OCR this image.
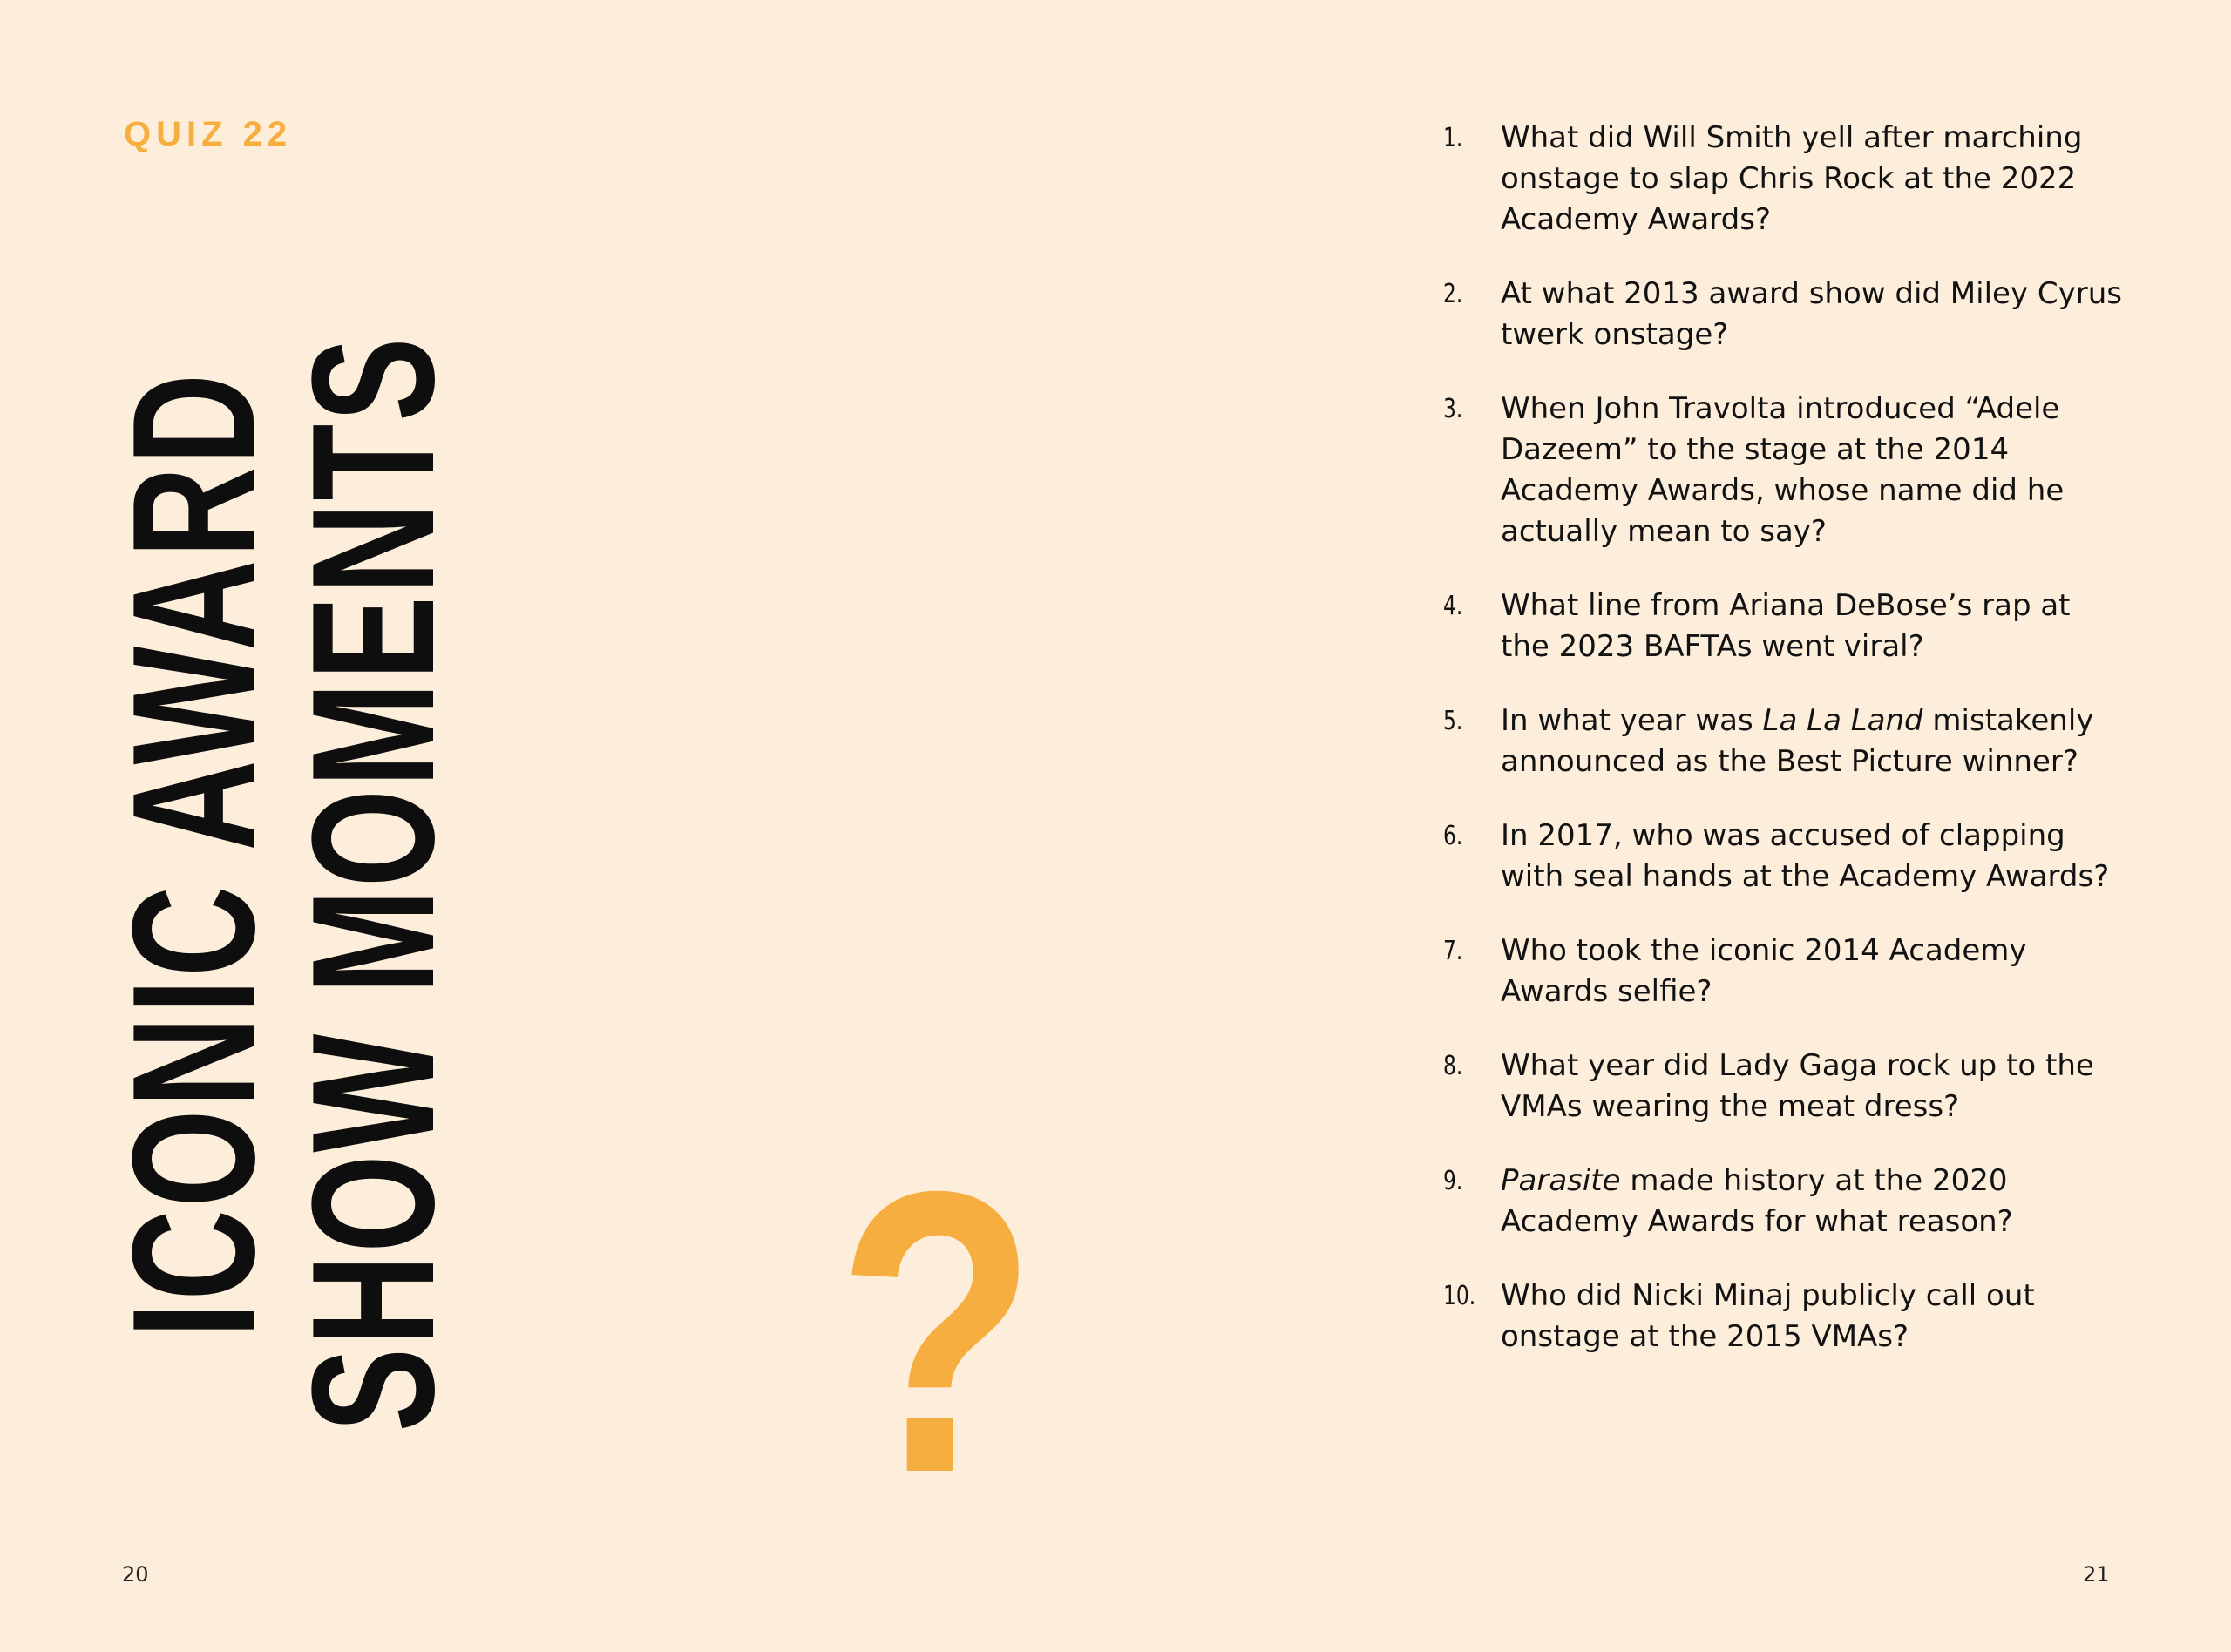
QUIZ 22
ICONIC AWARD
SHOW MOMENTS ?
20
1.	What did Will Smith yell after marching onstage to slap Chris Rock at the 2022 Academy Awards?
2.	At what 2013 award show did Miley Cyrus twerk onstage?
3.	When John Travolta introduced “Adele Dazeem” to the stage at the 2014 Academy Awards, whose name did he actually mean to say?
4.	What line from Ariana DeBose’s rap at the 2023 BAFTAs went viral?
5.	In what year was La La Land mistakenly announced as the Best Picture winner?
6.	In 2017, who was accused of clapping with seal hands at the Academy Awards?
7.	Who took the iconic 2014 Academy Awards selfie?
8.	What year did Lady Gaga rock up to the VMAs wearing the meat dress?
9.	Parasite made history at the 2020 Academy Awards for what reason?
10. Who did Nicki Minaj publicly call out onstage at the 2015 VMAs?
21
